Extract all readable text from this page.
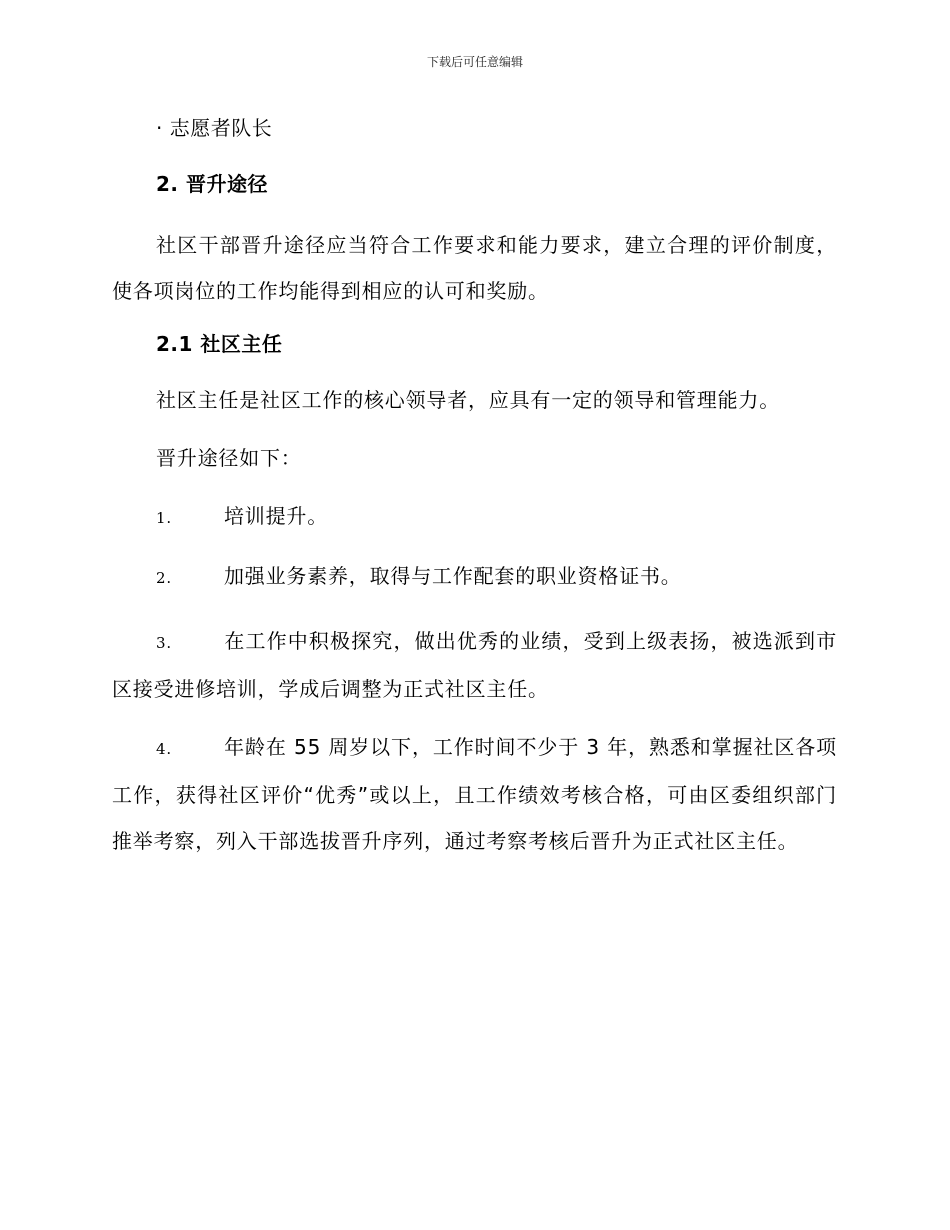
下载后可任意编辑
· 志愿者队长
2. 晋升途径

社区干部晋升途径应当符合工作要求和能力要求，建立合理的评价制度，使各项岗位的工作均能得到相应的认可和奖励。

2.1 社区主任

社区主任是社区工作的核心领导者，应具有一定的领导和管理能力。

晋升途径如下：

1.	培训提升。

2.	加强业务素养，取得与工作配套的职业资格证书。

3.	在工作中积极探究，做出优秀的业绩，受到上级表扬，被选派到市区接受进修培训，学成后调整为正式社区主任。

4.	年龄在 55 周岁以下，工作时间不少于 3 年，熟悉和掌握社区各项工作，获得社区评价“优秀”或以上，且工作绩效考核合格，可由区委组织部门推举考察，列入干部选拔晋升序列，通过考察考核后晋升为正式社区主任。
